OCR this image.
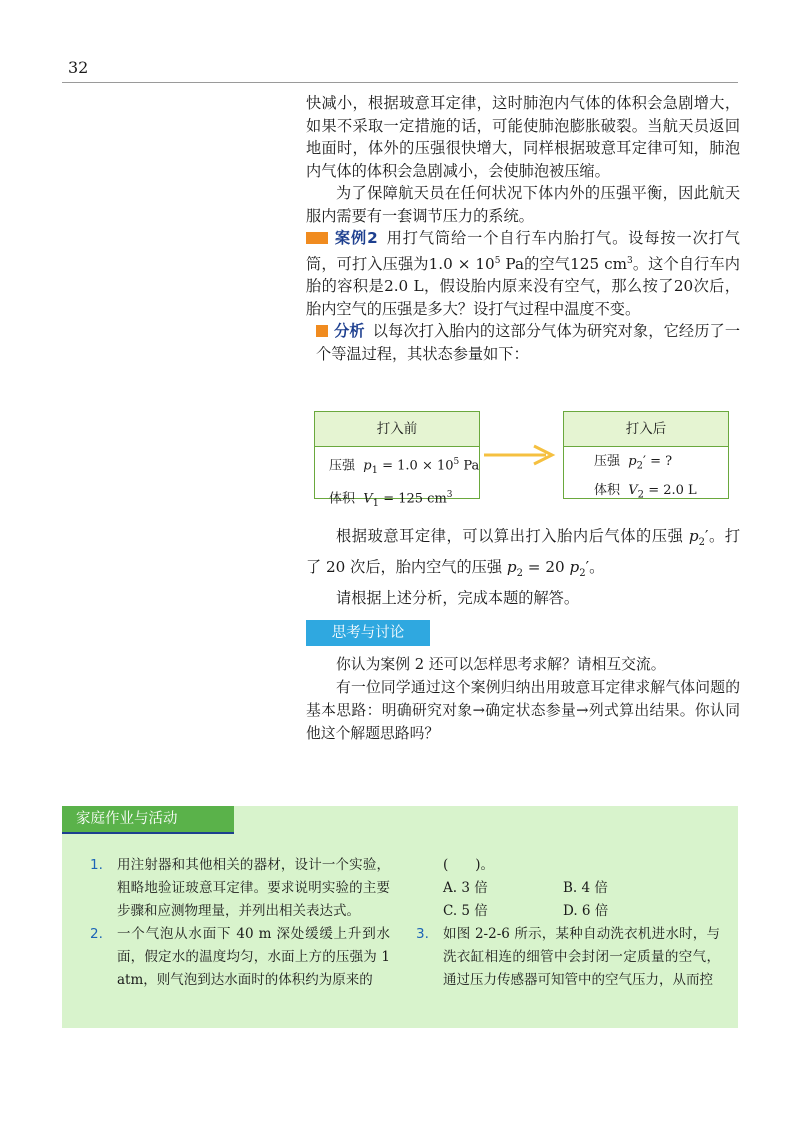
32

快减小，根据玻意耳定律，这时肺泡内气体的体积会急剧增大，如果不采取一定措施的话，可能使肺泡膨胀破裂。当航天员返回地面时，体外的压强很快增大，同样根据玻意耳定律可知，肺泡内气体的体积会急剧减小，会使肺泡被压缩。

为了保障航天员在任何状况下体内外的压强平衡，因此航天服内需要有一套调节压力的系统。

案例2 用打气筒给一个自行车内胎打气。设每按一次打气筒，可打入压强为$1.0 \times 10^5$ Pa的空气125 $cm^3$。这个自行车内胎的容积是2.0 L，假设胎内原来没有空气，那么按了20次后，胎内空气的压强是多大？设打气过程中温度不变。

分析 以每次打入胎内的这部分气体为研究对象，它经历了一个等温过程，其状态参量如下：

打入前
压强 $p_1 = 1.0 \times 10^5$ Pa
体积 $V_1 = 125$ $cm^3$
打入后
压强 $p_2'$ = ?
体积 $V_2 = 2.0$ L

根据玻意耳定律，可以算出打入胎内后气体的压强 $p_2'$。打了 20 次后，胎内空气的压强 $p_2 = 20$ $p_2'$。

请根据上述分析，完成本题的解答。

思考与讨论

你认为案例 2 还可以怎样思考求解？请相互交流。

有一位同学通过这个案例归纳出用玻意耳定律求解气体问题的基本思路：明确研究对象→确定状态参量→列式算出结果。你认同他这个解题思路吗？

家庭作业与活动
1. 用注射器和其他相关的器材，设计一个实验，粗略地验证玻意耳定律。要求说明实验的主要步骤和应测物理量，并列出相关表达式。
2. 一个气泡从水面下 40 m 深处缓缓上升到水面，假定水的温度均匀，水面上方的压强为 1 atm，则气泡到达水面时的体积约为原来的
(　　)。
A. 3 倍	B. 4 倍
C. 5 倍	D. 6 倍
3. 如图 2-2-6 所示，某种自动洗衣机进水时，与洗衣缸相连的细管中会封闭一定质量的空气，通过压力传感器可知管中的空气压力，从而控
